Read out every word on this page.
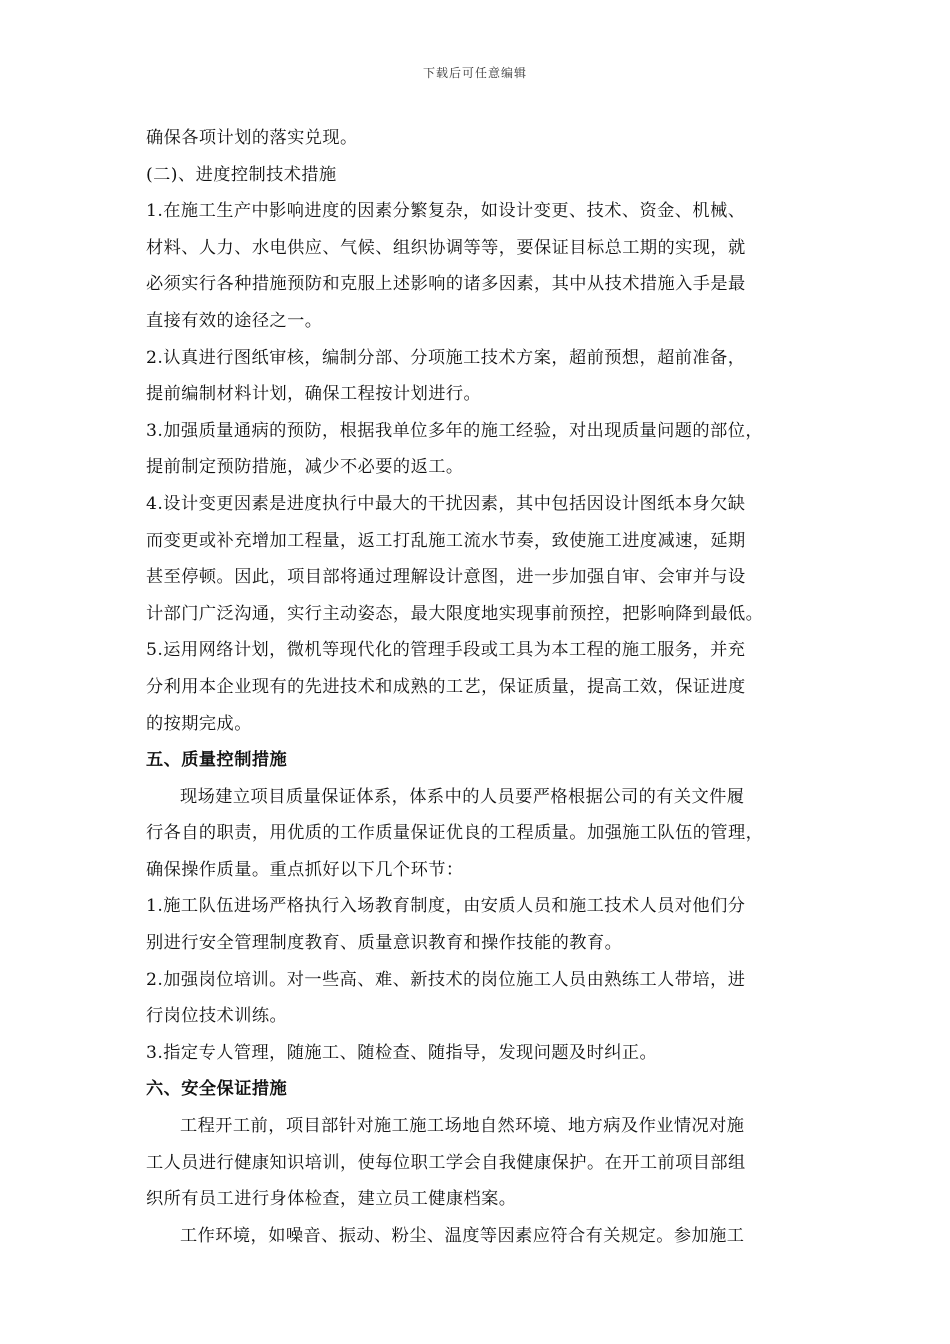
下载后可任意编辑
确保各项计划的落实兑现。
(二)、进度控制技术措施
1.在施工生产中影响进度的因素分繁复杂，如设计变更、技术、资金、机械、
材料、人力、水电供应、气候、组织协调等等，要保证目标总工期的实现，就
必须实行各种措施预防和克服上述影响的诸多因素，其中从技术措施入手是最
直接有效的途径之一。
2.认真进行图纸审核，编制分部、分项施工技术方案，超前预想，超前准备，
提前编制材料计划，确保工程按计划进行。
3.加强质量通病的预防，根据我单位多年的施工经验，对出现质量问题的部位，
提前制定预防措施，减少不必要的返工。
4.设计变更因素是进度执行中最大的干扰因素，其中包括因设计图纸本身欠缺
而变更或补充增加工程量，返工打乱施工流水节奏，致使施工进度减速，延期
甚至停顿。因此，项目部将通过理解设计意图，进一步加强自审、会审并与设
计部门广泛沟通，实行主动姿态，最大限度地实现事前预控，把影响降到最低。
5.运用网络计划，微机等现代化的管理手段或工具为本工程的施工服务，并充
分利用本企业现有的先进技术和成熟的工艺，保证质量，提高工效，保证进度
的按期完成。
五、质量控制措施
现场建立项目质量保证体系，体系中的人员要严格根据公司的有关文件履
行各自的职责，用优质的工作质量保证优良的工程质量。加强施工队伍的管理，
确保操作质量。重点抓好以下几个环节：
1.施工队伍进场严格执行入场教育制度，由安质人员和施工技术人员对他们分
别进行安全管理制度教育、质量意识教育和操作技能的教育。
2.加强岗位培训。对一些高、难、新技术的岗位施工人员由熟练工人带培，进
行岗位技术训练。
3.指定专人管理，随施工、随检查、随指导，发现问题及时纠正。
六、安全保证措施
工程开工前，项目部针对施工施工场地自然环境、地方病及作业情况对施
工人员进行健康知识培训，使每位职工学会自我健康保护。在开工前项目部组
织所有员工进行身体检查，建立员工健康档案。
工作环境，如噪音、振动、粉尘、温度等因素应符合有关规定。参加施工
